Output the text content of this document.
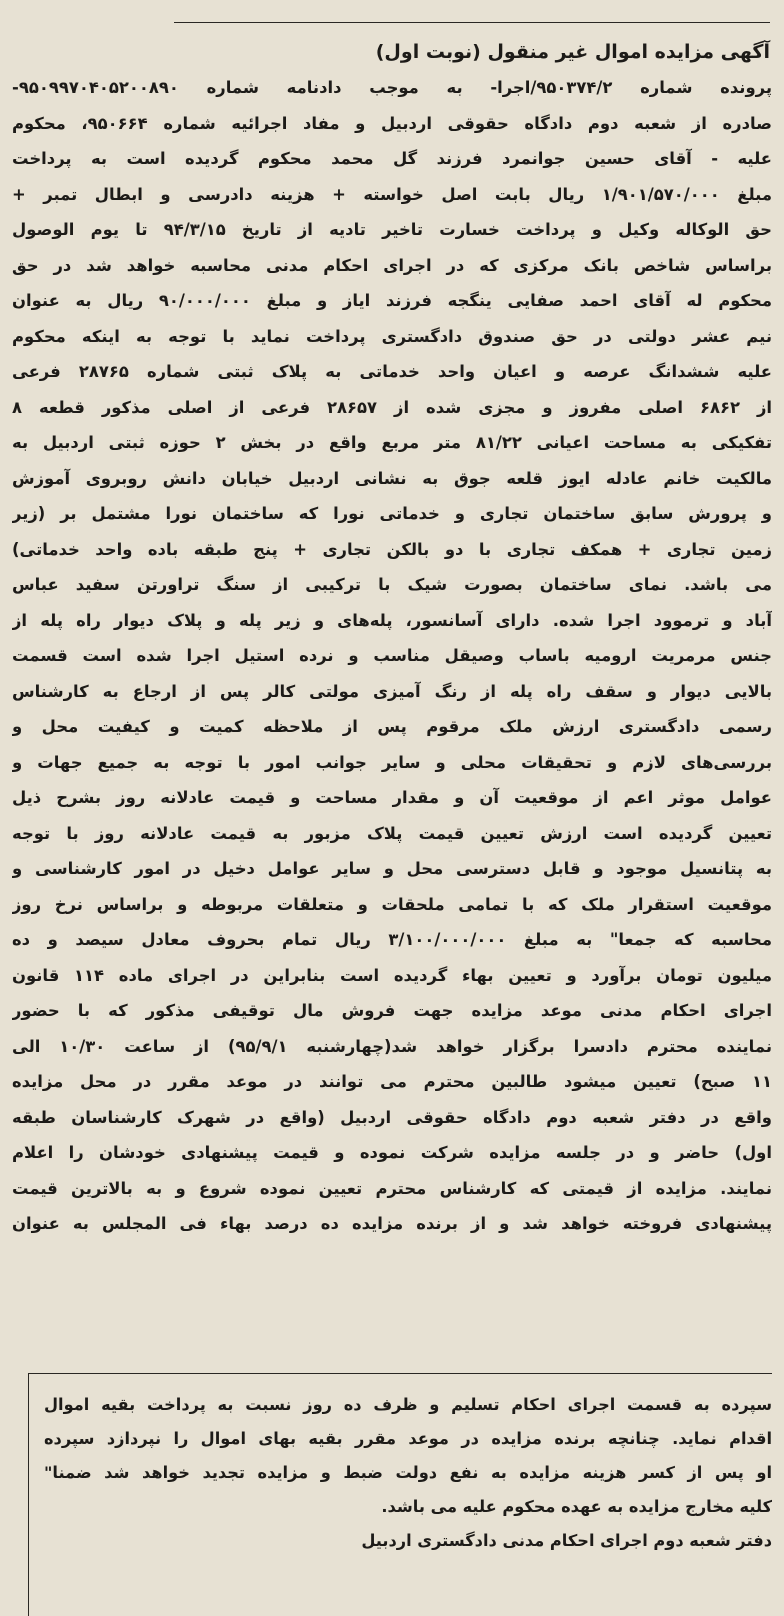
آگهی مزایده اموال غیر منقول (نوبت اول)
پرونده شماره ۹۵۰۳۷۴/۲/اجرا- به موجب دادنامه شماره ۹۵۰۹۹۷۰۴۰۵۲۰۰۸۹۰-
صادره از شعبه دوم دادگاه حقوقی اردبیل و مفاد اجرائیه شماره ۹۵۰۶۶۴، محکوم
علیه - آقای حسین جوانمرد فرزند گل محمد محکوم گردیده است به پرداخت
مبلغ ۱/۹۰۱/۵۷۰/۰۰۰ ریال بابت اصل خواسته + هزینه دادرسی و ابطال تمبر +
حق الوکاله وکیل و پرداخت خسارت تاخیر تادیه از تاریخ ۹۴/۳/۱۵ تا یوم الوصول
براساس شاخص بانک مرکزی که در اجرای احکام مدنی محاسبه خواهد شد در حق
محکوم له آقای احمد صفایی ینگجه فرزند ایاز و مبلغ ۹۰/۰۰۰/۰۰۰ ریال به عنوان
نیم عشر دولتی در حق صندوق دادگستری پرداخت نماید با توجه به اینکه محکوم
علیه ششدانگ عرصه و اعیان واحد خدماتی به پلاک ثبتی شماره ۲۸۷۶۵ فرعی
از ۶۸۶۲ اصلی مفروز و مجزی شده از ۲۸۶۵۷ فرعی از اصلی مذکور قطعه ۸
تفکیکی به مساحت اعیانی ۸۱/۲۲ متر مربع واقع در بخش ۲ حوزه ثبتی اردبیل به
مالکیت خانم عادله ایوز قلعه جوق به نشانی اردبیل خیابان دانش روبروی آموزش
و پرورش سابق ساختمان تجاری و خدماتی نورا که ساختمان نورا مشتمل بر (زیر
زمین تجاری + همکف تجاری با دو بالکن تجاری + پنج طبقه باده واحد خدماتی)
می باشد. نمای ساختمان بصورت شیک با ترکیبی از سنگ تراورتن سفید عباس
آباد و ترموود اجرا شده. دارای آسانسور، پله‌های و زیر پله و پلاک دیوار راه پله از
جنس مرمریت ارومیه باساب وصیقل مناسب و نرده استیل اجرا شده است قسمت
بالایی دیوار و سقف راه پله از رنگ آمیزی مولتی کالر پس از ارجاع به کارشناس
رسمی دادگستری ارزش ملک مرقوم پس از ملاحظه کمیت و کیفیت محل و
بررسی‌های لازم و تحقیقات محلی و سایر جوانب امور با توجه به جمیع جهات و
عوامل موثر اعم از موقعیت آن و مقدار مساحت و قیمت عادلانه روز بشرح ذیل
تعیین گردیده است ارزش تعیین قیمت پلاک مزبور به قیمت عادلانه روز با توجه
به پتانسیل موجود و قابل دسترسی محل و سایر عوامل دخیل در امور کارشناسی و
موقعیت استقرار ملک که با تمامی ملحقات و متعلقات مربوطه و براساس نرخ روز
محاسبه که جمعا" به مبلغ ۳/۱۰۰/۰۰۰/۰۰۰ ریال تمام بحروف معادل سیصد و ده
میلیون تومان برآورد و تعیین بهاء گردیده است بنابراین در اجرای ماده ۱۱۴ قانون
اجرای احکام مدنی موعد مزایده جهت فروش مال توقیفی مذکور که با حضور
نماینده محترم دادسرا برگزار خواهد شد(چهارشنبه ۹۵/۹/۱) از ساعت ۱۰/۳۰ الی
۱۱ صبح) تعیین میشود طالبین محترم می توانند در موعد مقرر در محل مزایده
واقع در دفتر شعبه دوم دادگاه حقوقی اردبیل (واقع در شهرک کارشناسان طبقه
اول) حاضر و در جلسه مزایده شرکت نموده و قیمت پیشنهادی خودشان را اعلام
نمایند. مزایده از قیمتی که کارشناس محترم تعیین نموده شروع و به بالاترین قیمت
پیشنهادی فروخته خواهد شد و از برنده مزایده ده درصد بهاء فی المجلس به عنوان
سپرده به قسمت اجرای احکام تسلیم و ظرف ده روز نسبت به پرداخت بقیه اموال
اقدام نماید. چنانچه برنده مزایده در موعد مقرر بقیه بهای اموال را نپردازد سپرده
او پس از کسر هزینه مزایده به نفع دولت ضبط و مزایده تجدید خواهد شد ضمنا"
کلیه مخارج مزایده به عهده محکوم علیه می باشد.
دفتر شعبه دوم اجرای احکام مدنی دادگستری اردبیل
